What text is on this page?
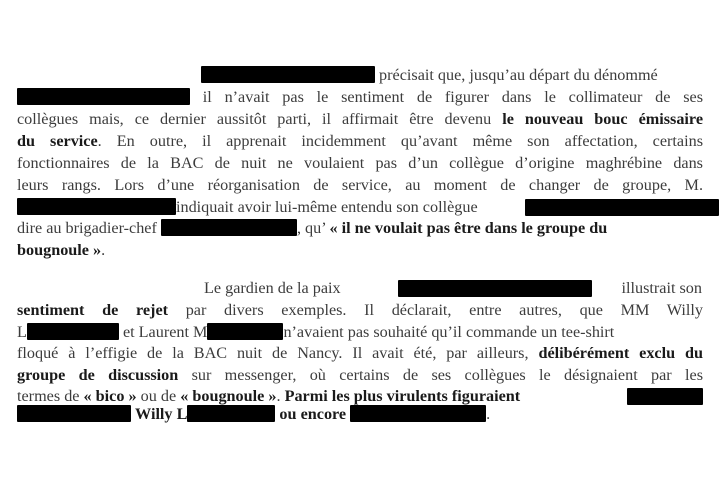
précisait que, jusqu’au départ du dénommé
il n’avait pas le sentiment de figurer dans le collimateur de ses
collègues mais, ce dernier aussitôt parti, il affirmait être devenu le nouveau bouc émissaire
du service. En outre, il apprenait incidemment qu’avant même son affectation, certains
fonctionnaires de la BAC de nuit ne voulaient pas d’un collègue d’origine maghrébine dans
leurs rangs. Lors d’une réorganisation de service, au moment de changer de groupe, M.
indiquait avoir lui-même entendu son collègue
dire au brigadier-chef	, qu’ « il ne voulait pas être dans le groupe du
bougnoule ».
Le gardien de la paix	illustrait son
sentiment de rejet par divers exemples. Il déclarait, entre autres, que MM Willy
L	et Laurent M	n’avaient pas souhaité qu’il commande un tee-shirt
floqué à l’effigie de la BAC nuit de Nancy. Il avait été, par ailleurs, délibérément exclu du
groupe de discussion sur messenger, où certains de ses collègues le désignaient par les
termes de « bico » ou de « bougnoule ». Parmi les plus virulents figuraient
Willy L	ou encore	.
